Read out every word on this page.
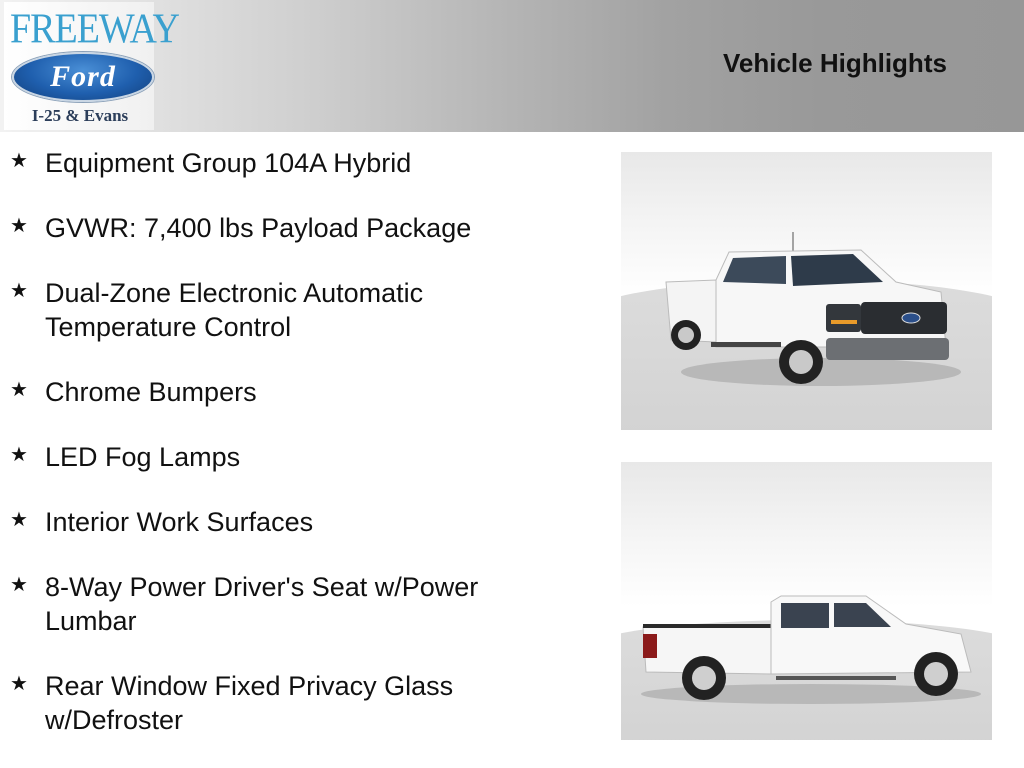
FREEWAY
Ford
I-25 & Evans
Vehicle Highlights
★ Equipment Group 104A Hybrid
★ GVWR: 7,400 lbs Payload Package
★ Dual-Zone Electronic Automatic Temperature Control
★ Chrome Bumpers
★ LED Fog Lamps
★ Interior Work Surfaces
★ 8-Way Power Driver's Seat w/Power Lumbar
★ Rear Window Fixed Privacy Glass w/Defroster
